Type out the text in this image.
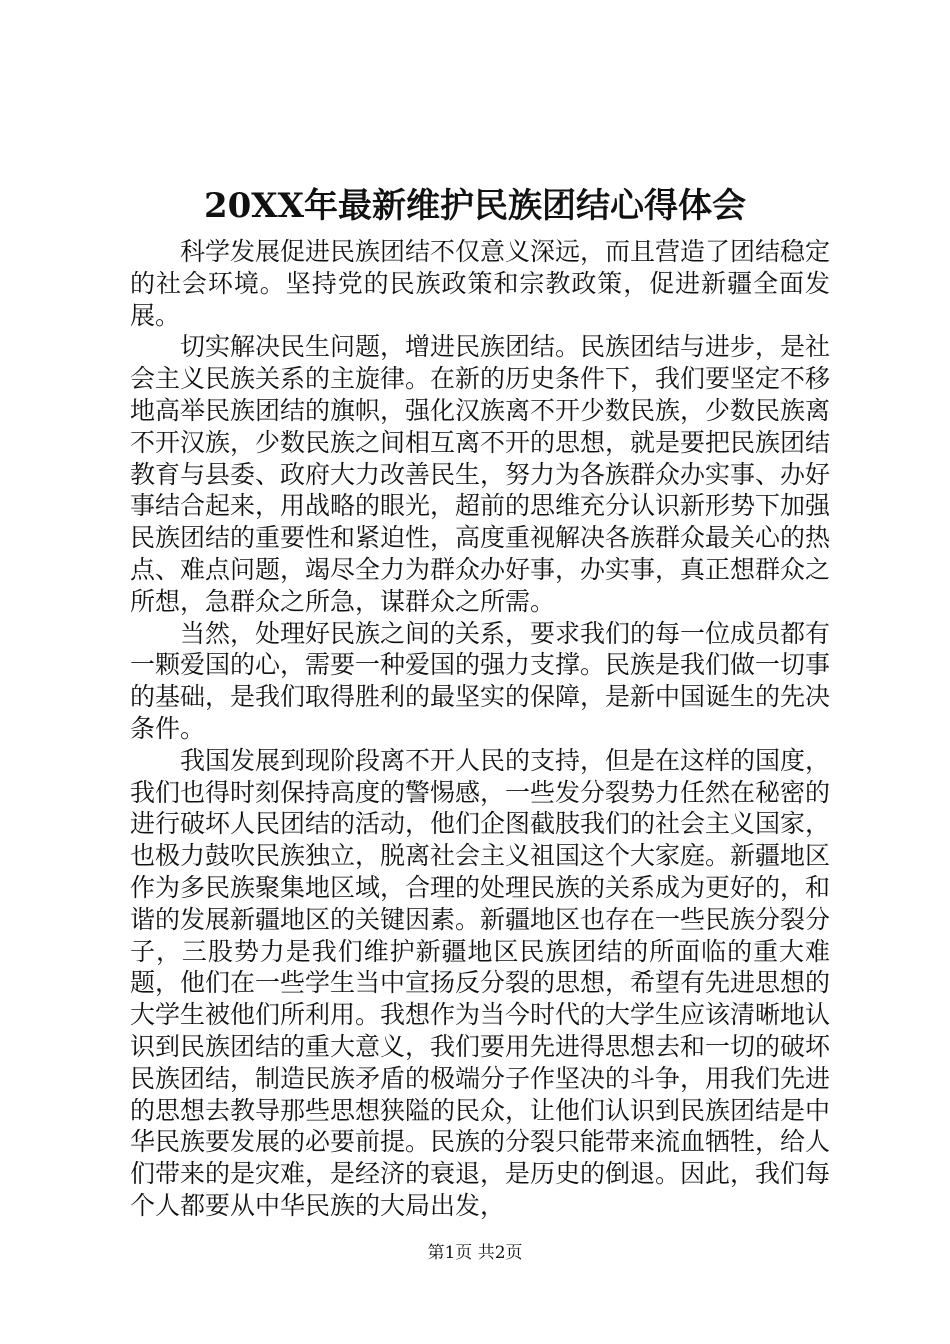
20XX年最新维护民族团结心得体会

科学发展促进民族团结不仅意义深远，而且营造了团结稳定的社会环境。坚持党的民族政策和宗教政策，促进新疆全面发展。

切实解决民生问题，增进民族团结。民族团结与进步，是社会主义民族关系的主旋律。在新的历史条件下，我们要坚定不移地高举民族团结的旗帜，强化汉族离不开少数民族，少数民族离不开汉族，少数民族之间相互离不开的思想，就是要把民族团结教育与县委、政府大力改善民生，努力为各族群众办实事、办好事结合起来，用战略的眼光，超前的思维充分认识新形势下加强民族团结的重要性和紧迫性，高度重视解决各族群众最关心的热点、难点问题，竭尽全力为群众办好事，办实事，真正想群众之所想，急群众之所急，谋群众之所需。

当然，处理好民族之间的关系，要求我们的每一位成员都有一颗爱国的心，需要一种爱国的强力支撑。民族是我们做一切事的基础，是我们取得胜利的最坚实的保障，是新中国诞生的先决条件。

我国发展到现阶段离不开人民的支持，但是在这样的国度，我们也得时刻保持高度的警惕感，一些发分裂势力任然在秘密的进行破坏人民团结的活动，他们企图截肢我们的社会主义国家，也极力鼓吹民族独立，脱离社会主义祖国这个大家庭。新疆地区作为多民族聚集地区域，合理的处理民族的关系成为更好的，和谐的发展新疆地区的关键因素。新疆地区也存在一些民族分裂分子，三股势力是我们维护新疆地区民族团结的所面临的重大难题，他们在一些学生当中宣扬反分裂的思想，希望有先进思想的大学生被他们所利用。我想作为当今时代的大学生应该清晰地认识到民族团结的重大意义，我们要用先进得思想去和一切的破坏民族团结，制造民族矛盾的极端分子作坚决的斗争，用我们先进的思想去教导那些思想狭隘的民众，让他们认识到民族团结是中华民族要发展的必要前提。民族的分裂只能带来流血牺牲，给人们带来的是灾难，是经济的衰退，是历史的倒退。因此，我们每个人都要从中华民族的大局出发，

第1页 共2页
